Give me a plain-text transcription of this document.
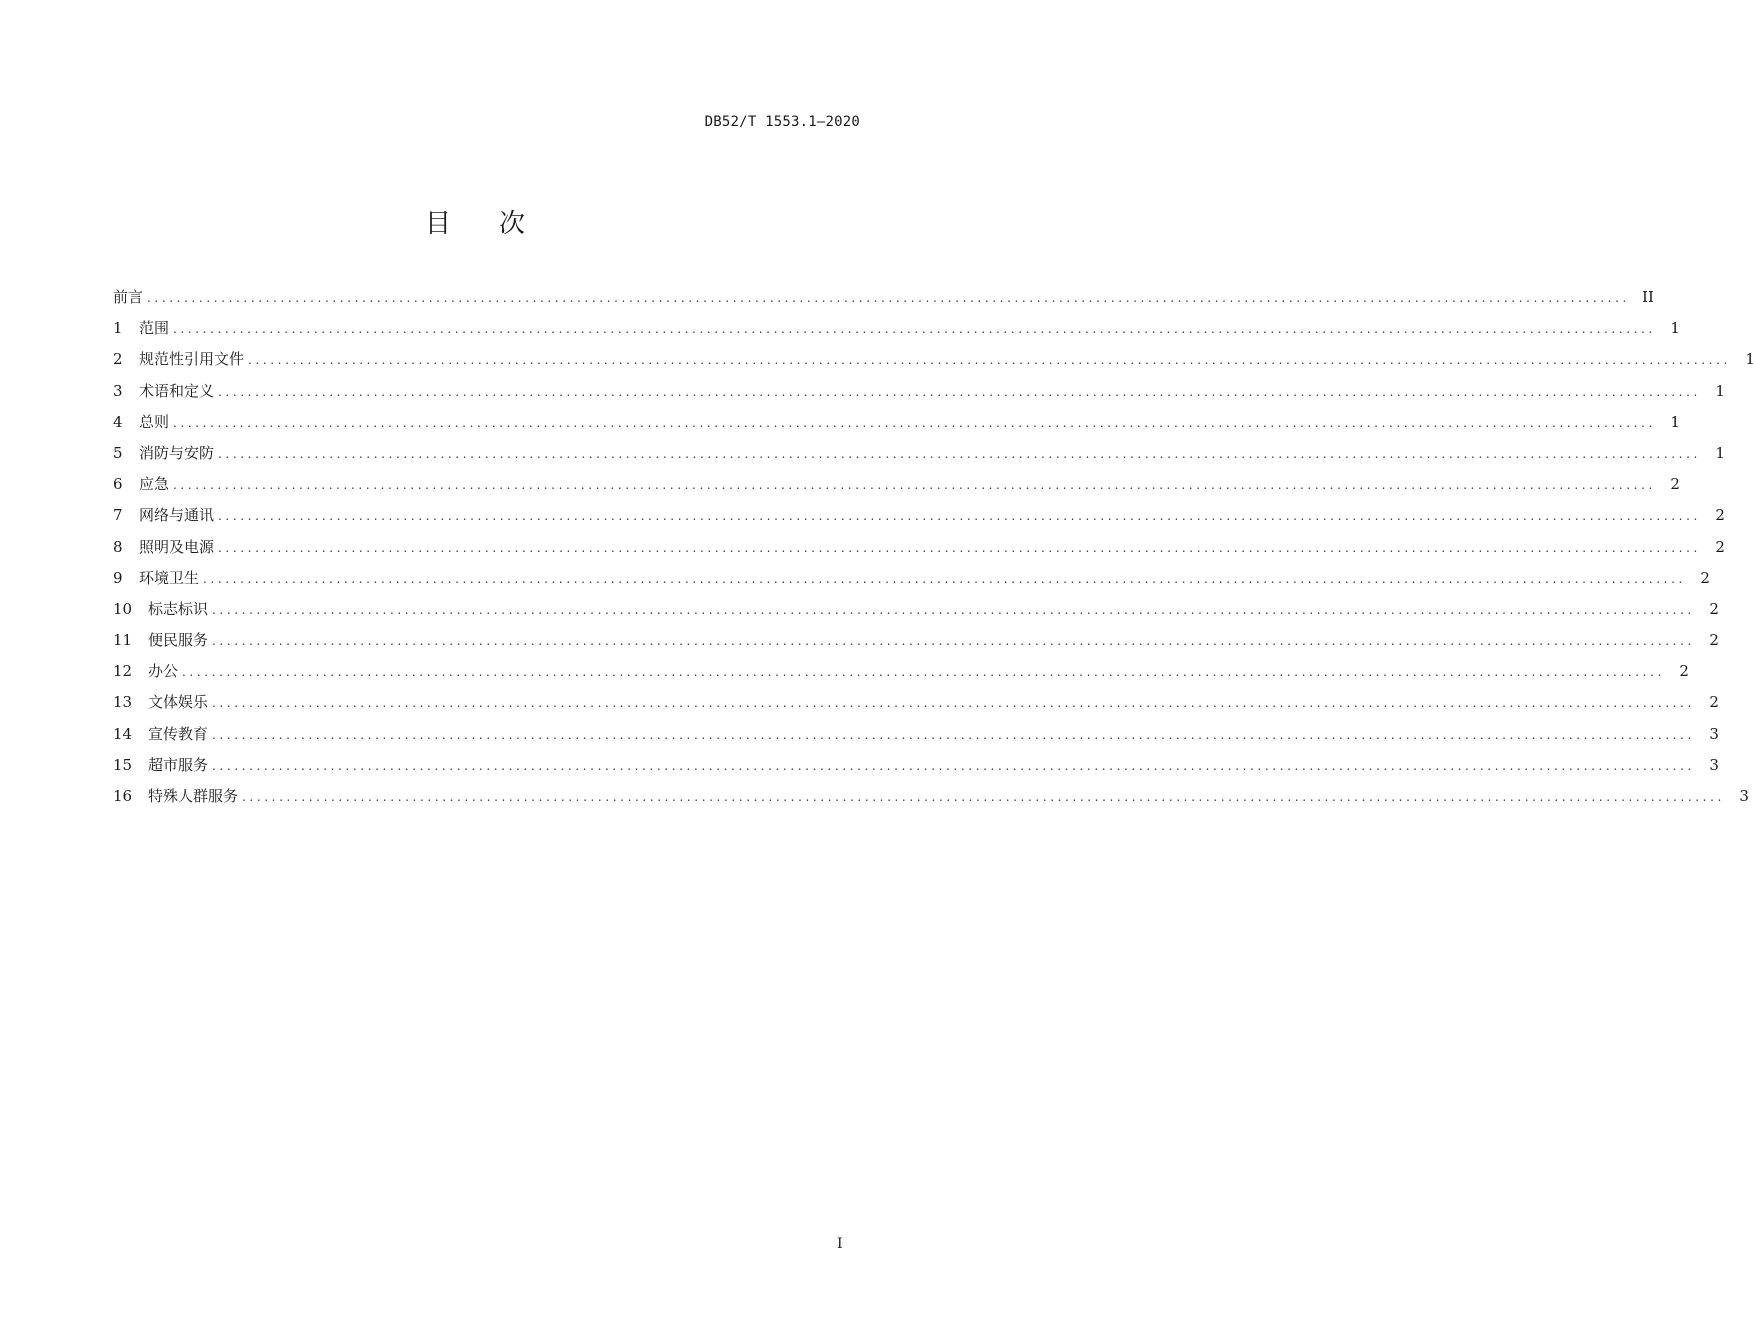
DB52/T 1553.1—2020
目 次
前言 ........................................................................................................................................................................................................ II
1	范围 ........................................................................................................................................................................................................ 1
2	规范性引用文件 ........................................................................................................................................................................................................ 1
3	术语和定义 ........................................................................................................................................................................................................ 1
4	总则 ........................................................................................................................................................................................................ 1
5	消防与安防 ........................................................................................................................................................................................................ 1
6	应急 ........................................................................................................................................................................................................ 2
7	网络与通讯 ........................................................................................................................................................................................................ 2
8	照明及电源 ........................................................................................................................................................................................................ 2
9	环境卫生 ........................................................................................................................................................................................................ 2
10	标志标识 ........................................................................................................................................................................................................ 2
11	便民服务 ........................................................................................................................................................................................................ 2
12	办公 ........................................................................................................................................................................................................ 2
13	文体娱乐 ........................................................................................................................................................................................................ 2
14	宣传教育 ........................................................................................................................................................................................................ 3
15	超市服务 ........................................................................................................................................................................................................ 3
16	特殊人群服务 ........................................................................................................................................................................................................ 3
I
